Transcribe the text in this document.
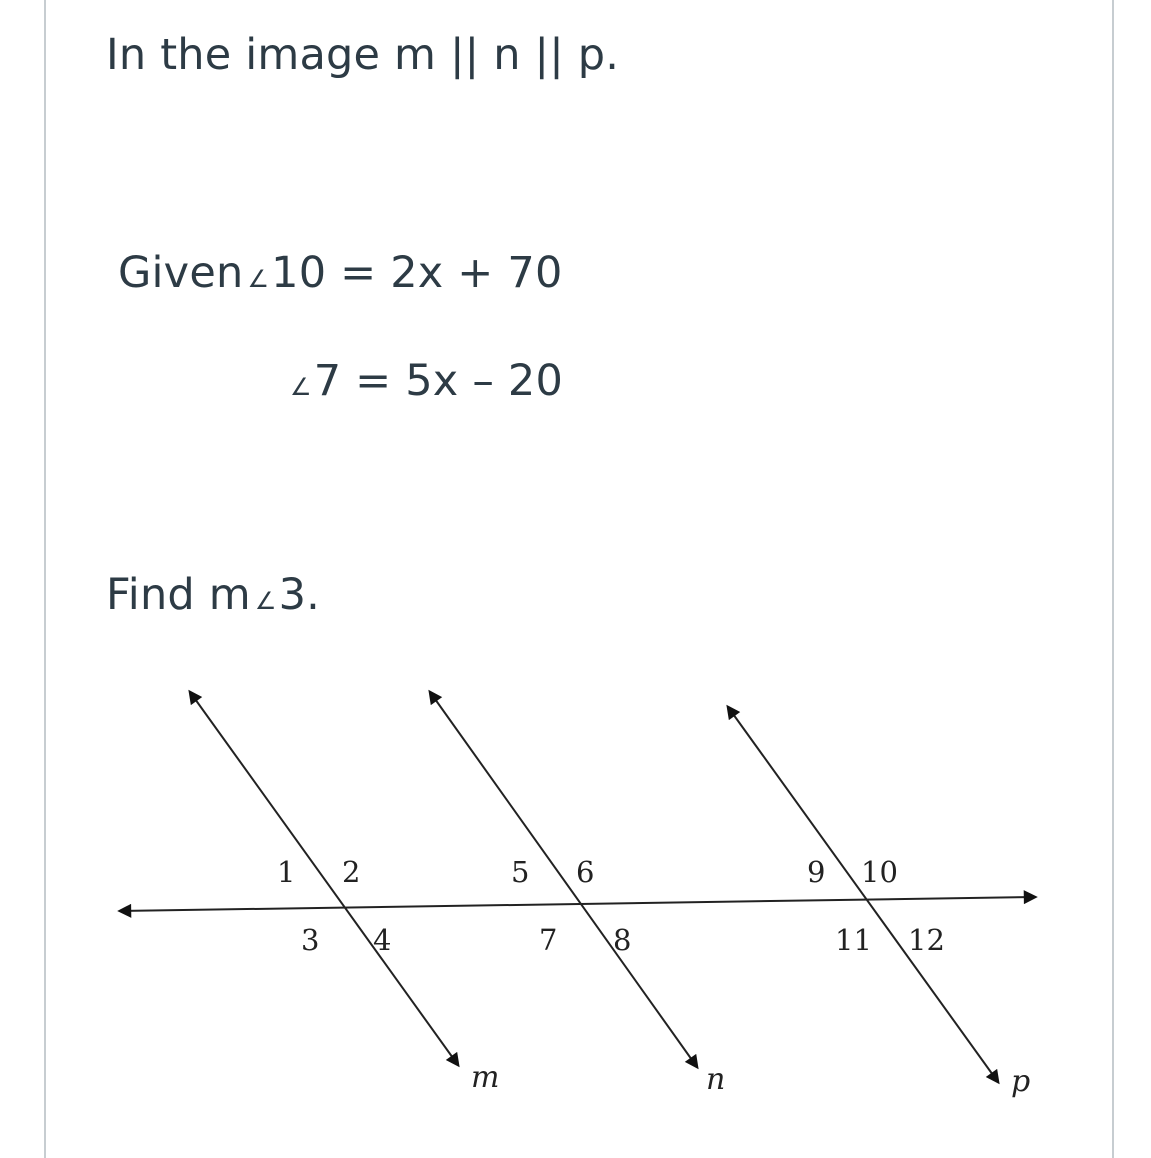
In the image m || n || p.
Given ∠10 = 2x + 70
∠7 = 5x – 20
Find m ∠3.
1 2
3 4
5 6
7 8
9 10
11 12
m	n	p
